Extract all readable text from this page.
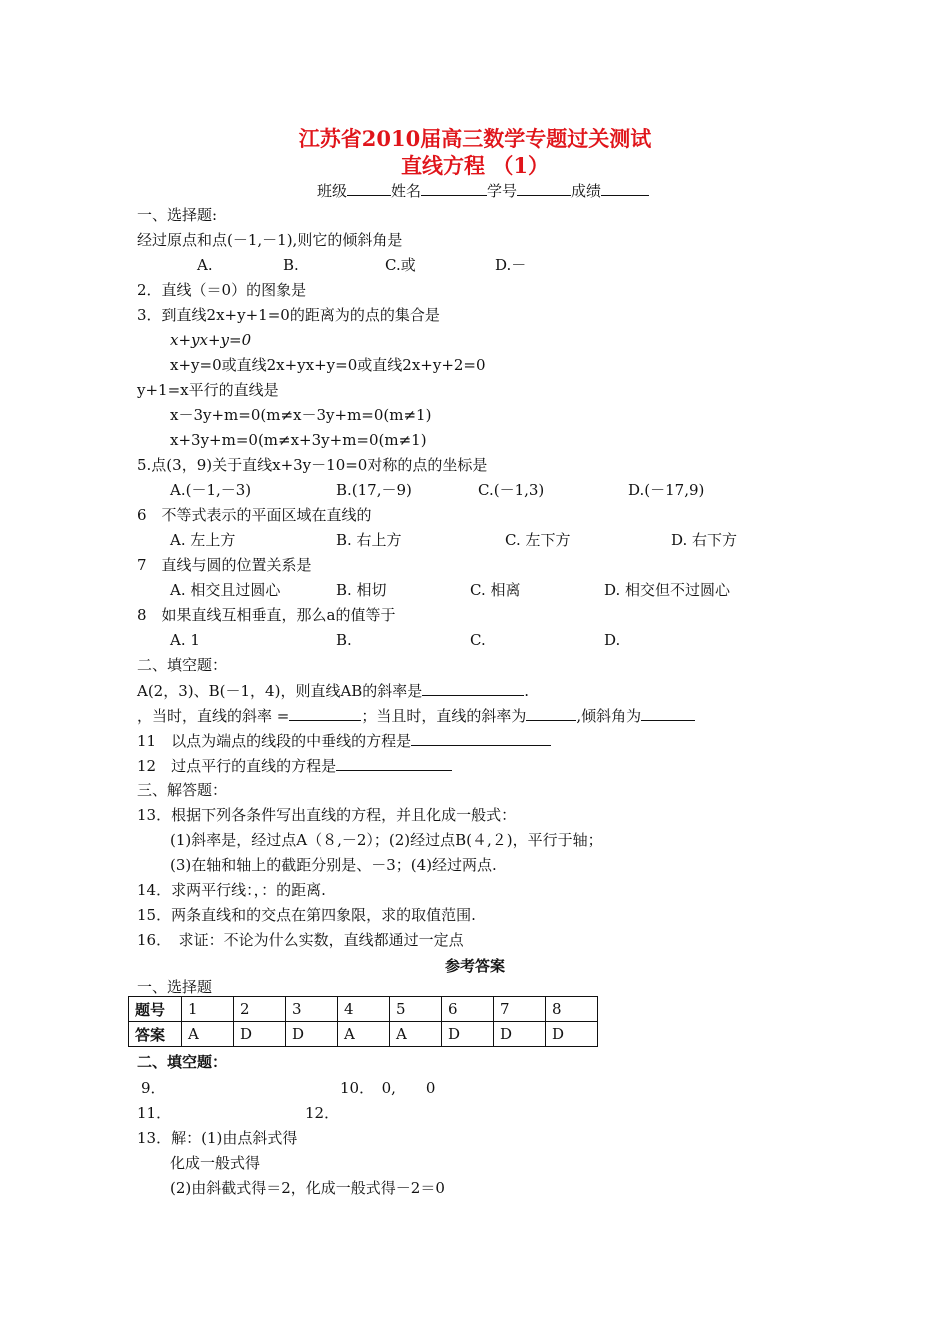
江苏省2010届高三数学专题过关测试
直线方程 （1）
班级	姓名	学号	成绩
一、选择题:
经过原点和点(－1,－1),则它的倾斜角是
A.	B.	C.或	D.－
2．直线（＝0）的图象是
3．到直线2x+y+1=0的距离为的点的集合是
x+yx+y=0
x+y=0或直线2x+yx+y=0或直线2x+y+2=0
y+1=x平行的直线是
x－3y+m=0(m≠x－3y+m=0(m≠1)
x+3y+m=0(m≠x+3y+m=0(m≠1)
5.点(3，9)关于直线x+3y－10=0对称的点的坐标是
A.(－1,－3)	B.(17,－9)	C.(－1,3)	D.(－17,9)
6　不等式表示的平面区域在直线的
A. 左上方	B. 右上方	C. 左下方	D. 右下方
7　直线与圆的位置关系是
A. 相交且过圆心	B. 相切	C. 相离	D. 相交但不过圆心
8　如果直线互相垂直，那么a的值等于
A. 1	B.	C.	D.
二、填空题：
A(2，3)、B(－1，4)，则直线AB的斜率是	.
，当时，直线的斜率 =	；当且时，直线的斜率为	,倾斜角为
11　以点为端点的线段的中垂线的方程是
12　过点平行的直线的方程是
三、解答题：
13．根据下列各条件写出直线的方程，并且化成一般式：
(1)斜率是，经过点A（８,－2）；(2)经过点B(４,２)，平行于轴；
(3)在轴和轴上的截距分别是、－3；(4)经过两点.
14．求两平行线：，：的距离.
15．两条直线和的交点在第四象限，求的取值范围.
16．　求证：不论为什么实数，直线都通过一定点
参考答案
一、选择题
题号	1	2	3	4	5	6	7	8
答案	A	D	D	A	A	D	D	D
二、填空题：
9．	10．　0,　　0
11．	12．
13．解：(1)由点斜式得
化成一般式得
(2)由斜截式得＝2，化成一般式得－2＝0
